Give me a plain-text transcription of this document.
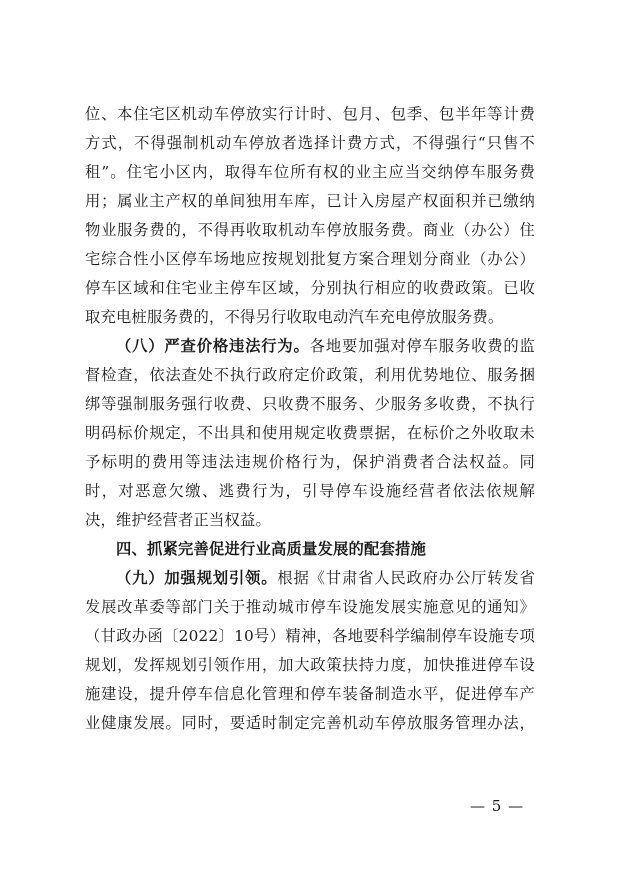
位、本住宅区机动车停放实行计时、包月、包季、包半年等计费
方式，不得强制机动车停放者选择计费方式，不得强行“只售不
租”。住宅小区内，取得车位所有权的业主应当交纳停车服务费
用；属业主产权的单间独用车库，已计入房屋产权面积并已缴纳
物业服务费的，不得再收取机动车停放服务费。商业（办公）住
宅综合性小区停车场地应按规划批复方案合理划分商业（办公）
停车区域和住宅业主停车区域，分别执行相应的收费政策。已收
取充电桩服务费的，不得另行收取电动汽车充电停放服务费。
（八）严查价格违法行为。各地要加强对停车服务收费的监
督检查，依法查处不执行政府定价政策，利用优势地位、服务捆
绑等强制服务强行收费、只收费不服务、少服务多收费，不执行
明码标价规定，不出具和使用规定收费票据，在标价之外收取未
予标明的费用等违法违规价格行为，保护消费者合法权益。同
时，对恶意欠缴、逃费行为，引导停车设施经营者依法依规解
决，维护经营者正当权益。
四、抓紧完善促进行业高质量发展的配套措施
（九）加强规划引领。根据《甘肃省人民政府办公厅转发省
发展改革委等部门关于推动城市停车设施发展实施意见的通知》
（甘政办函〔2022〕10号）精神，各地要科学编制停车设施专项
规划，发挥规划引领作用，加大政策扶持力度，加快推进停车设
施建设，提升停车信息化管理和停车装备制造水平，促进停车产
业健康发展。同时，要适时制定完善机动车停放服务管理办法，
— 5 —
